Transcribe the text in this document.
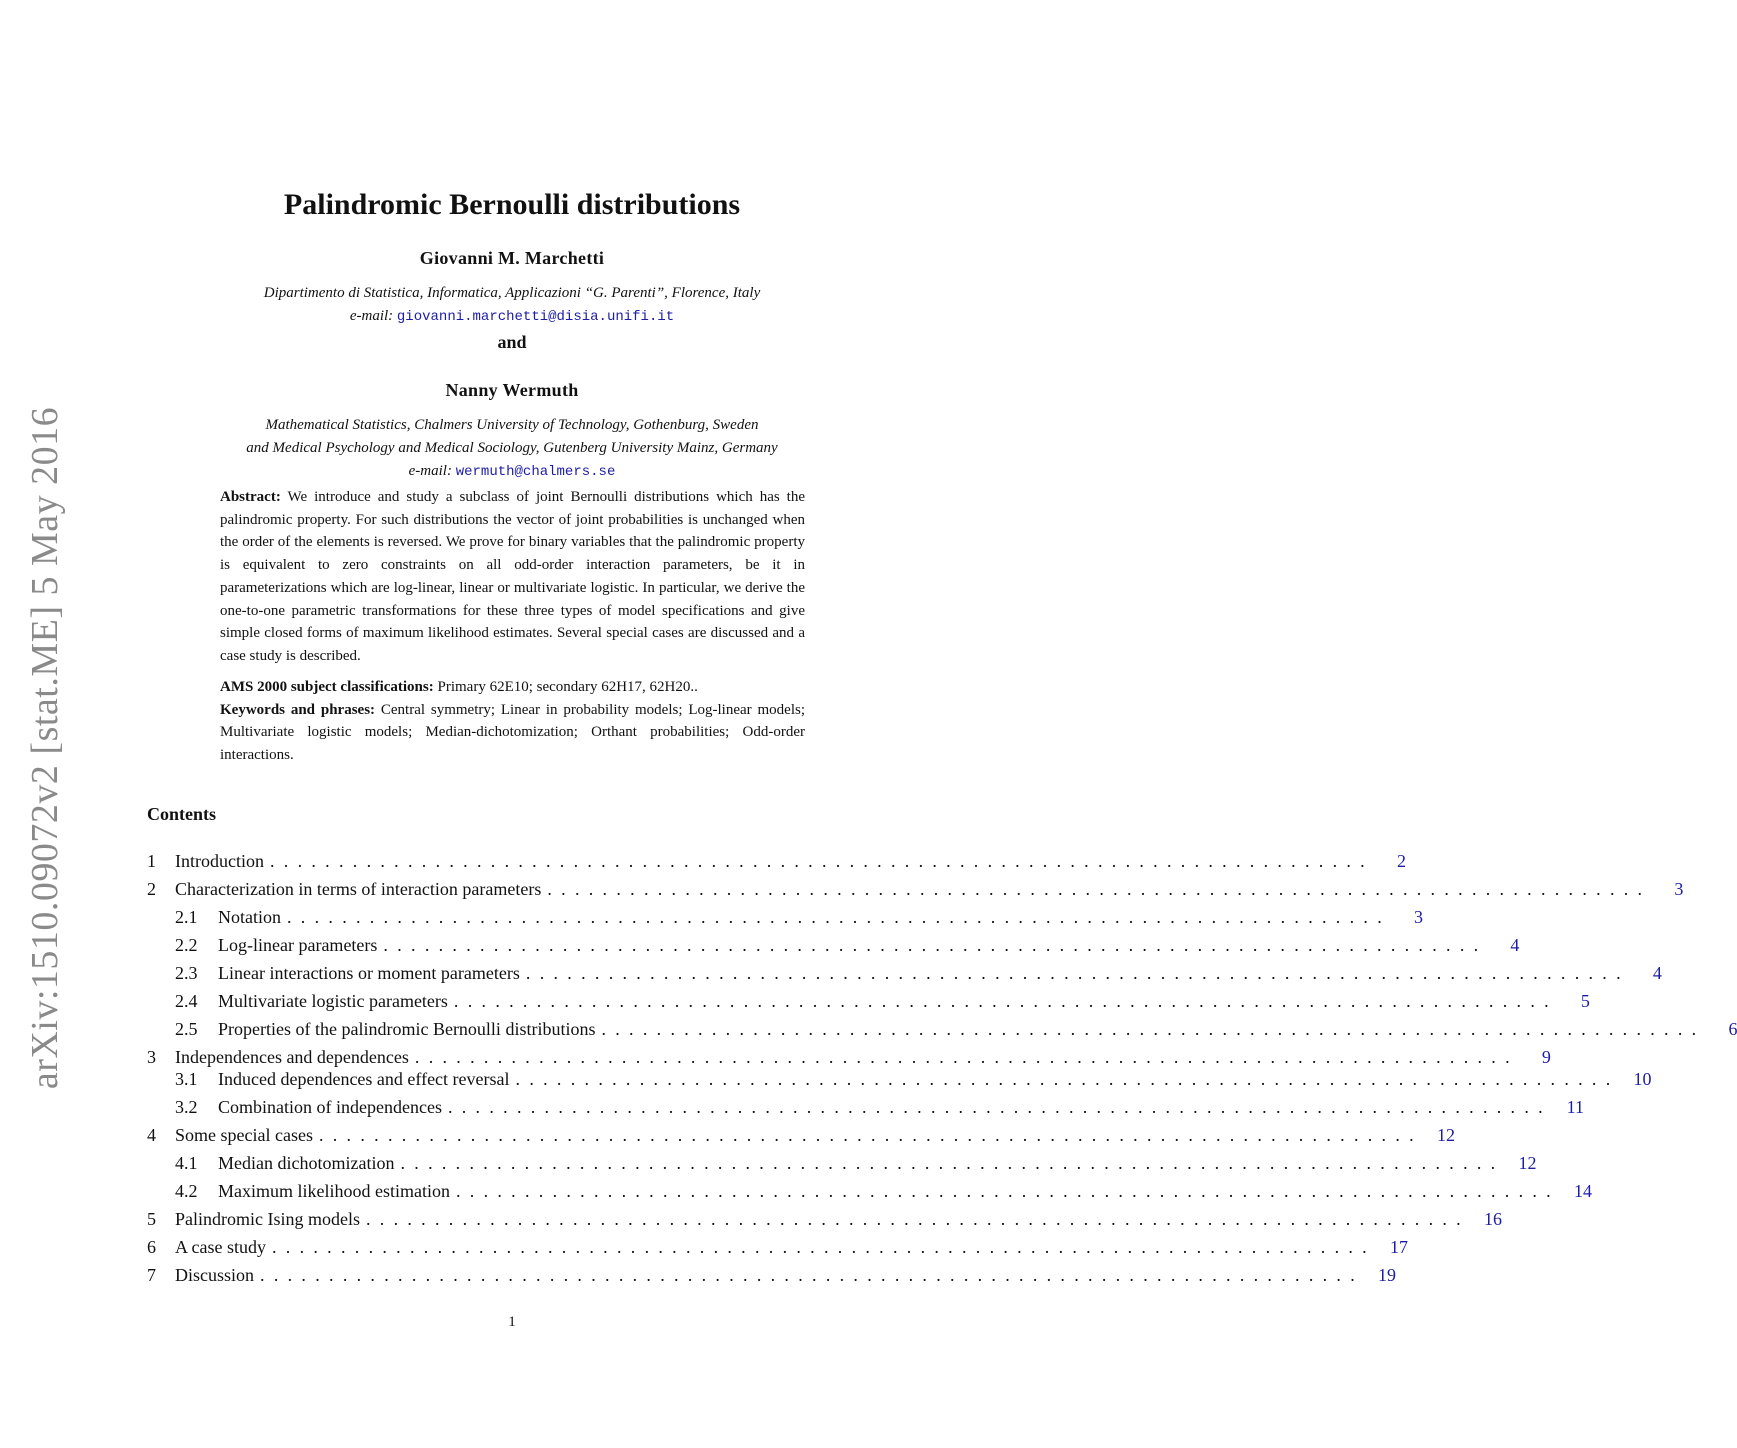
arXiv:1510.09072v2 [stat.ME] 5 May 2016
Palindromic Bernoulli distributions
Giovanni M. Marchetti
Dipartimento di Statistica, Informatica, Applicazioni “G. Parenti”, Florence, Italy
e-mail: giovanni.marchetti@disia.unifi.it
and
Nanny Wermuth
Mathematical Statistics, Chalmers University of Technology, Gothenburg, Sweden
and Medical Psychology and Medical Sociology, Gutenberg University Mainz, Germany
e-mail: wermuth@chalmers.se
Abstract: We introduce and study a subclass of joint Bernoulli distributions which has the palindromic property. For such distributions the vector of joint probabilities is unchanged when the order of the elements is reversed. We prove for binary variables that the palindromic property is equivalent to zero constraints on all odd-order interaction parameters, be it in parameterizations which are log-linear, linear or multivariate logistic. In particular, we derive the one-to-one parametric transformations for these three types of model specifications and give simple closed forms of maximum likelihood estimates. Several special cases are discussed and a case study is described.
AMS 2000 subject classifications: Primary 62E10; secondary 62H17, 62H20..
Keywords and phrases: Central symmetry; Linear in probability models; Log-linear models; Multivariate logistic models; Median-dichotomization; Orthant probabilities; Odd-order interactions.
Contents
1	Introduction ................................................................................	2
2	Characterization in terms of interaction parameters ................................................................................	3
2.1	Notation ................................................................................	3
2.2	Log-linear parameters ................................................................................	4
2.3	Linear interactions or moment parameters ................................................................................	4
2.4	Multivariate logistic parameters ................................................................................	5
2.5	Properties of the palindromic Bernoulli distributions ................................................................................	6
3	Independences and dependences ................................................................................	9
3.1	Induced dependences and effect reversal ................................................................................ 10
3.2	Combination of independences ................................................................................ 11
4	Some special cases ................................................................................ 12
4.1	Median dichotomization ................................................................................ 12
4.2	Maximum likelihood estimation ................................................................................ 14
5	Palindromic Ising models ................................................................................ 16
6	A case study ................................................................................ 17
7	Discussion ................................................................................ 19
1
